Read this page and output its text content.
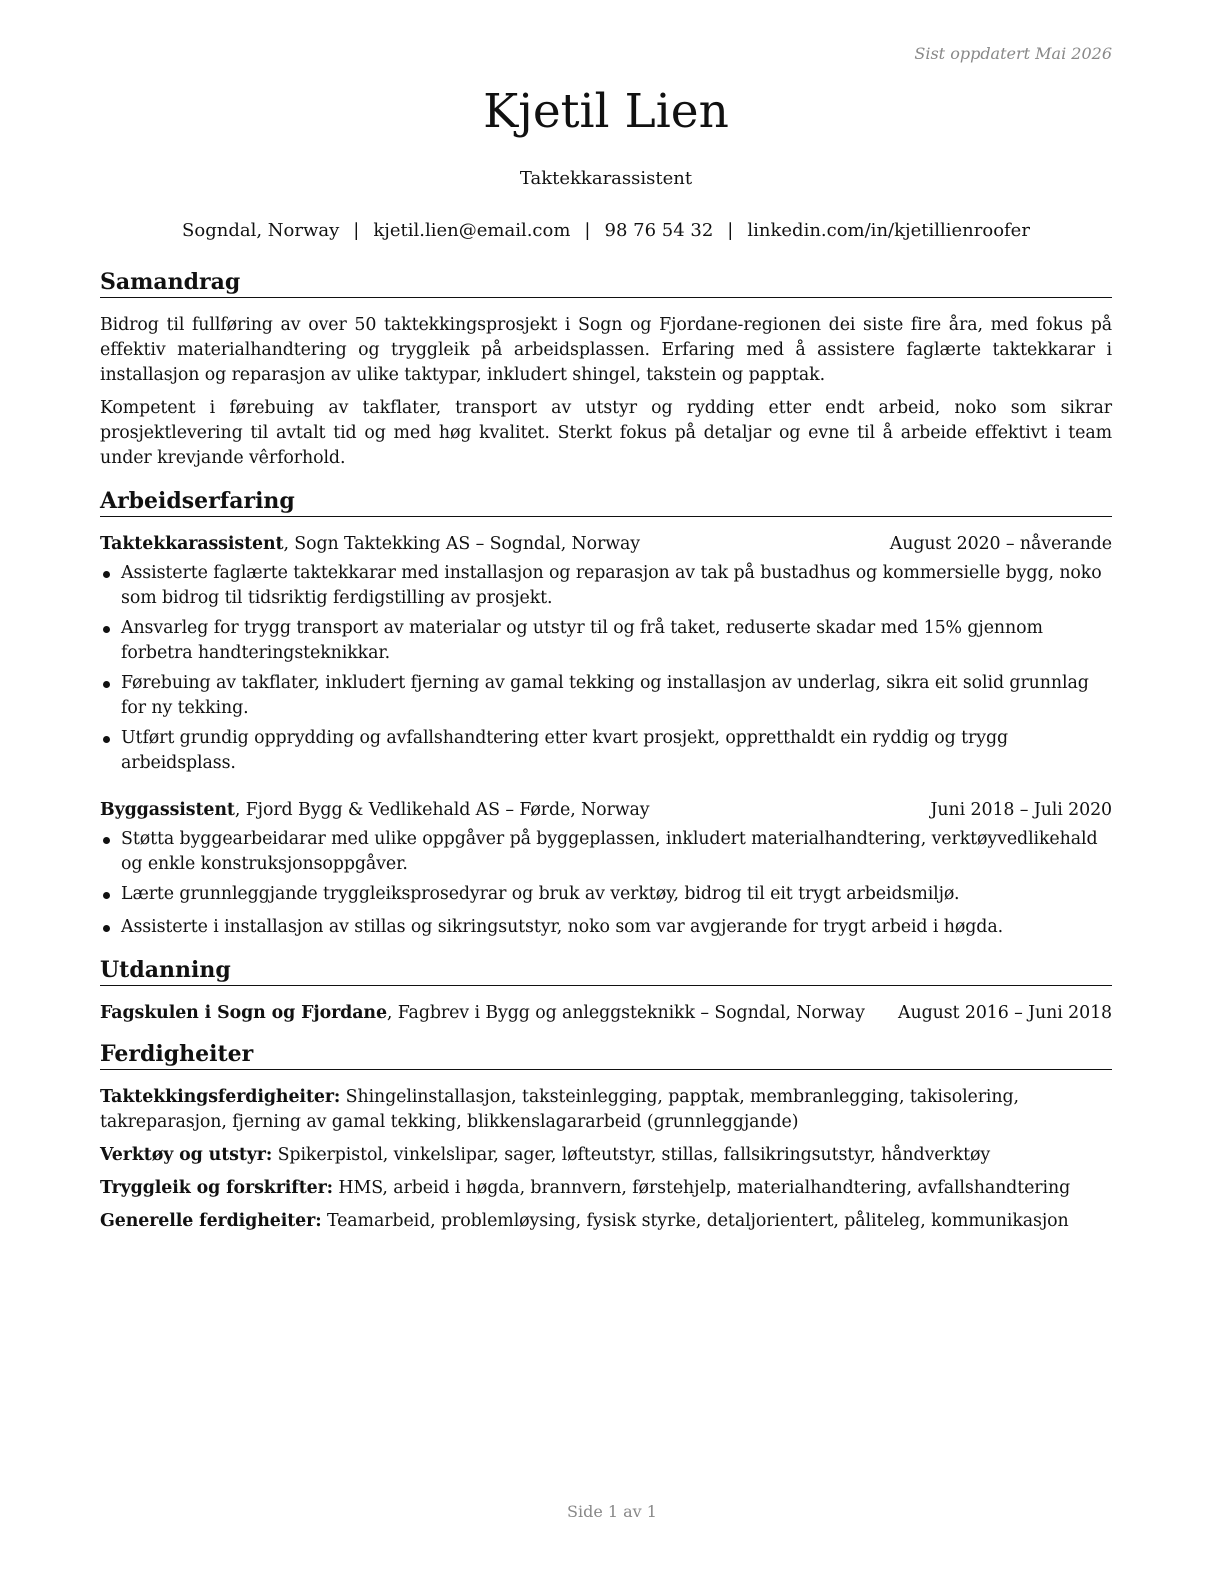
Sist oppdatert Mai 2026
Kjetil Lien
Taktekkarassistent
Sogndal, Norway | kjetil.lien@email.com | 98 76 54 32 | linkedin.com/in/kjetillienroofer
Samandrag

Bidrog til fullføring av over 50 taktekkingsprosjekt i Sogn og Fjordane-regionen dei siste fire åra, med fokus på effektiv materialhandtering og tryggleik på arbeidsplassen. Erfaring med å assistere faglærte taktekkarar i installasjon og reparasjon av ulike taktypar, inkludert shingel, takstein og papptak.

Kompetent i førebuing av takflater, transport av utstyr og rydding etter endt arbeid, noko som sikrar prosjektlevering til avtalt tid og med høg kvalitet. Sterkt fokus på detaljar og evne til å arbeide effektivt i team under krevjande vêrforhold.

Arbeidserfaring
Taktekkarassistent, Sogn Taktekking AS – Sogndal, Norway	August 2020 – nåverande
Assisterte faglærte taktekkarar med installasjon og reparasjon av tak på bustadhus og kommersielle bygg, noko som bidrog til tidsriktig ferdigstilling av prosjekt.
Ansvarleg for trygg transport av materialar og utstyr til og frå taket, reduserte skadar med 15% gjennom forbetra handteringsteknikkar.
Førebuing av takflater, inkludert fjerning av gamal tekking og installasjon av underlag, sikra eit solid grunnlag for ny tekking.
Utført grundig opprydding og avfallshandtering etter kvart prosjekt, oppretthaldt ein ryddig og trygg arbeidsplass.
Byggassistent, Fjord Bygg & Vedlikehald AS – Førde, Norway	Juni 2018 – Juli 2020
Støtta byggearbeidarar med ulike oppgåver på byggeplassen, inkludert materialhandtering, verktøyvedlikehald og enkle konstruksjonsoppgåver.
Lærte grunnleggjande tryggleiksprosedyrar og bruk av verktøy, bidrog til eit trygt arbeidsmiljø.
Assisterte i installasjon av stillas og sikringsutstyr, noko som var avgjerande for trygt arbeid i høgda.
Utdanning
Fagskulen i Sogn og Fjordane, Fagbrev i Bygg og anleggsteknikk – Sogndal, Norway August 2016 – Juni 2018
Ferdigheiter
Taktekkingsferdigheiter: Shingelinstallasjon, taksteinlegging, papptak, membranlegging, takisolering, takreparasjon, fjerning av gamal tekking, blikkenslagararbeid (grunnleggjande)
Verktøy og utstyr: Spikerpistol, vinkelslipar, sager, løfteutstyr, stillas, fallsikringsutstyr, håndverktøy
Tryggleik og forskrifter: HMS, arbeid i høgda, brannvern, førstehjelp, materialhandtering, avfallshandtering
Generelle ferdigheiter: Teamarbeid, problemløysing, fysisk styrke, detaljorientert, påliteleg, kommunikasjon
Side 1 av 1
